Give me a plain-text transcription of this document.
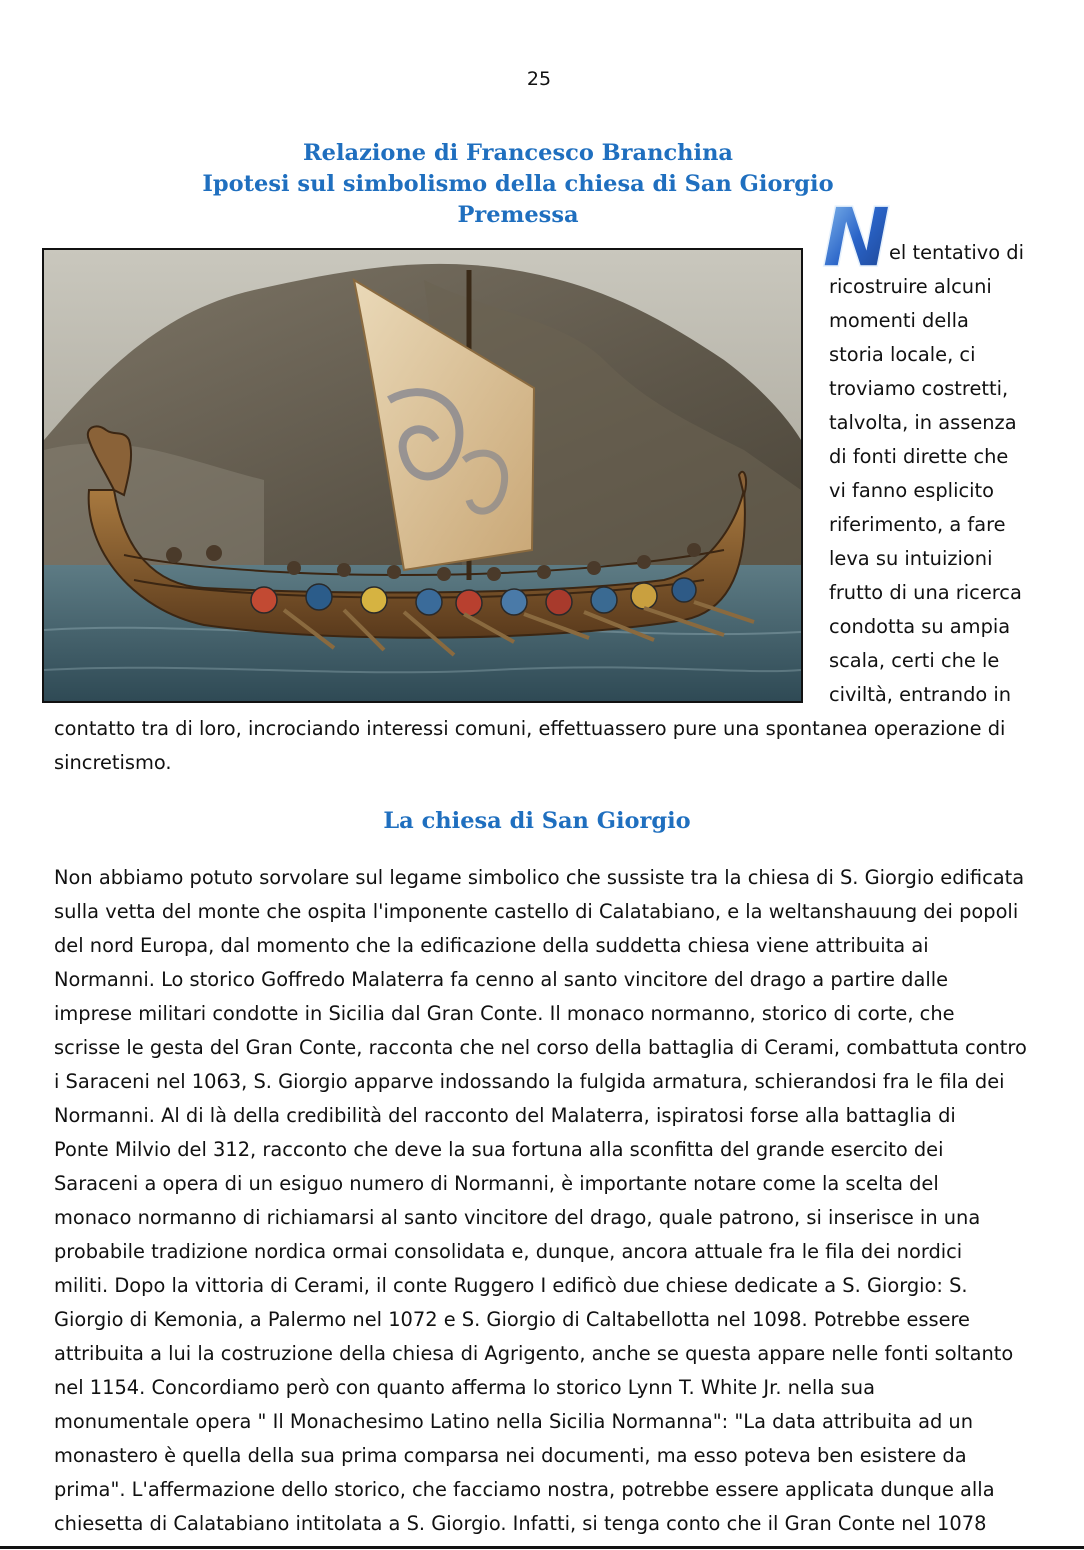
25
Relazione di Francesco Branchina
Ipotesi sul simbolismo della chiesa di San Giorgio
Premessa	N
el tentativo di
ricostruire alcuni
momenti della
storia locale, ci
troviamo costretti,
talvolta, in assenza
di fonti dirette che
vi fanno esplicito
riferimento, a fare
leva su intuizioni
frutto di una ricerca
condotta su ampia
scala, certi che le
civiltà, entrando in
contatto tra di loro, incrociando interessi comuni, effettuassero pure una spontanea operazione di
sincretismo.
La chiesa di San Giorgio
Non abbiamo potuto sorvolare sul legame simbolico che sussiste tra la chiesa di S. Giorgio edificata
sulla vetta del monte che ospita l'imponente castello di Calatabiano, e la weltanshauung dei popoli
del nord Europa, dal momento che la edificazione della suddetta chiesa viene attribuita ai
Normanni. Lo storico Goffredo Malaterra fa cenno al santo vincitore del drago a partire dalle
imprese militari condotte in Sicilia dal Gran Conte. Il monaco normanno, storico di corte, che
scrisse le gesta del Gran Conte, racconta che nel corso della battaglia di Cerami, combattuta contro
i Saraceni nel 1063, S. Giorgio apparve indossando la fulgida armatura, schierandosi fra le fila dei
Normanni. Al di là della credibilità del racconto del Malaterra, ispiratosi forse alla battaglia di
Ponte Milvio del 312, racconto che deve la sua fortuna alla sconfitta del grande esercito dei
Saraceni a opera di un esiguo numero di Normanni, è importante notare come la scelta del
monaco normanno di richiamarsi al santo vincitore del drago, quale patrono, si inserisce in una
probabile tradizione nordica ormai consolidata e, dunque, ancora attuale fra le fila dei nordici
militi. Dopo la vittoria di Cerami, il conte Ruggero I edificò due chiese dedicate a S. Giorgio: S.
Giorgio di Kemonia, a Palermo nel 1072 e S. Giorgio di Caltabellotta nel 1098. Potrebbe essere
attribuita a lui la costruzione della chiesa di Agrigento, anche se questa appare nelle fonti soltanto
nel 1154. Concordiamo però con quanto afferma lo storico Lynn T. White Jr. nella sua
monumentale opera " Il Monachesimo Latino nella Sicilia Normanna": "La data attribuita ad un
monastero è quella della sua prima comparsa nei documenti, ma esso poteva ben esistere da
prima". L'affermazione dello storico, che facciamo nostra, potrebbe essere applicata dunque alla
chiesetta di Calatabiano intitolata a S. Giorgio. Infatti, si tenga conto che il Gran Conte nel 1078
